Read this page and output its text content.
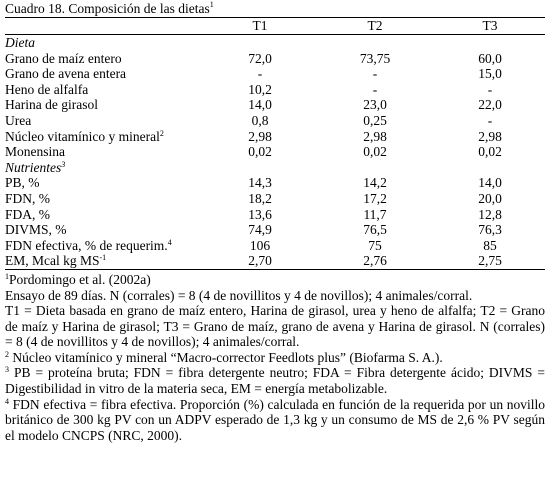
Cuadro 18. Composición de las dietas$^1$
	T1	T2	T3
Dieta			
Grano de maíz entero	72,0	73,75	60,0
Grano de avena entera	-	-	15,0
Heno de alfalfa	10,2	-	-
Harina de girasol	14,0	23,0	22,0
Urea	0,8	0,25	-
Núcleo vitamínico y mineral$^2$	2,98	2,98	2,98
Monensina	0,02	0,02	0,02
Nutrientes$^3$
PB, %	14,3	14,2	14,0
FDN, %	18,2	17,2	20,0
FDA, %	13,6	11,7	12,8
DIVMS, %	74,9	76,5	76,3
FDN efectiva, % de requerim.$^4$	106	75	85
EM, Mcal kg $MS^{-1}$	2,70	2,76	2,75

$^1$Pordomingo et al. (2002a)

Ensayo de 89 días. N (corrales) = 8 (4 de novillitos y 4 de novillos); 4 animales/corral.

T1 = Dieta basada en grano de maíz entero, Harina de girasol, urea y heno de alfalfa; T2 = Grano de maíz y Harina de girasol; T3 = Grano de maíz, grano de avena y Harina de girasol. N (corrales) = 8 (4 de novillitos y 4 de novillos); 4 animales/corral.

$^2$ Núcleo vitamínico y mineral “Macro-corrector Feedlots plus” (Biofarma S. A.).

$^3$ PB = proteína bruta; FDN = fibra detergente neutro; FDA = Fibra detergente ácido; DIVMS = Digestibilidad in vitro de la materia seca, EM = energía metabolizable.

$^4$ FDN efectiva = fibra efectiva. Proporción (%) calculada en función de la requerida por un novillo británico de 300 kg PV con un ADPV esperado de 1,3 kg y un consumo de MS de 2,6 % PV según el modelo CNCPS (NRC, 2000).
